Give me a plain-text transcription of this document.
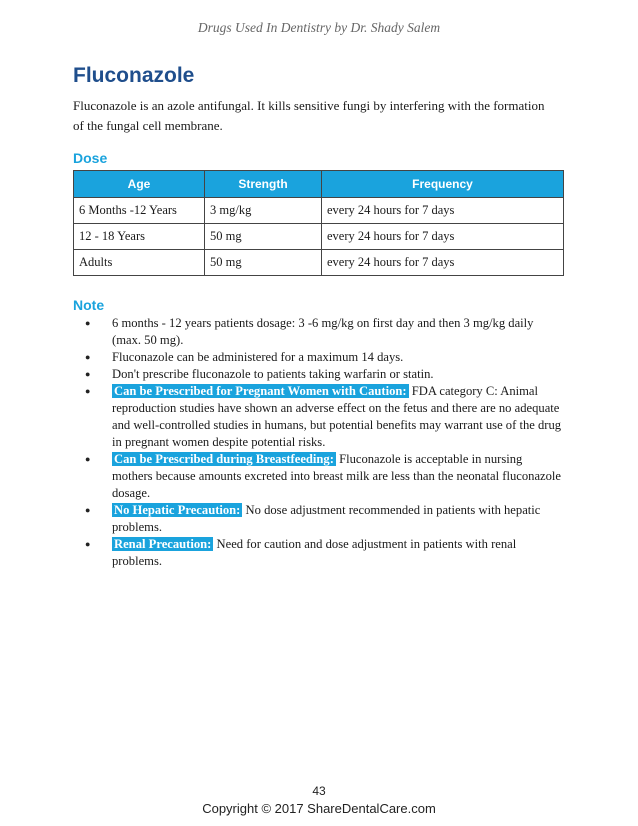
Drugs Used In Dentistry by Dr. Shady Salem
Fluconazole
Fluconazole is an azole antifungal. It kills sensitive fungi by interfering with the formation of the fungal cell membrane.
Dose
Age	Strength	Frequency
6 Months -12 Years	3 mg/kg	every 24 hours for 7 days
12 - 18 Years	50 mg	every 24 hours for 7 days
Adults	50 mg	every 24 hours for 7 days
Note
● 6 months - 12 years patients dosage: 3 -6 mg/kg on first day and then 3 mg/kg daily (max. 50 mg).
● Fluconazole can be administered for a maximum 14 days.
● Don't prescribe fluconazole to patients taking warfarin or statin.
● Can be Prescribed for Pregnant Women with Caution: FDA category C: Animal reproduction studies have shown an adverse effect on the fetus and there are no adequate and well-controlled studies in humans, but potential benefits may warrant use of the drug in pregnant women despite potential risks.
● Can be Prescribed during Breastfeeding: Fluconazole is acceptable in nursing mothers because amounts excreted into breast milk are less than the neonatal fluconazole dosage.
● No Hepatic Precaution: No dose adjustment recommended in patients with hepatic problems.
● Renal Precaution: Need for caution and dose adjustment in patients with renal problems.
43
Copyright © 2017 ShareDentalCare.com
